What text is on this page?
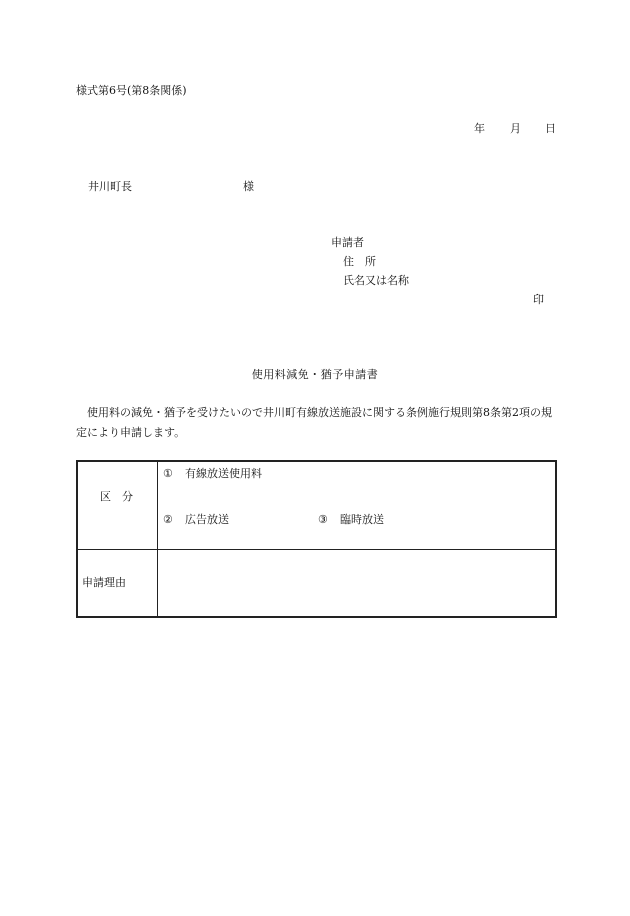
様式第6号(第8条関係)
年 月 日
井川町長	様
申請者
住　所
氏名又は名称
印
使用料減免・猶予申請書
使用料の減免・猶予を受けたいので井川町有線放送施設に関する条例施行規則第8条第2項の規定により申請します。
区　分
① 有線放送使用料
② 広告放送	③ 臨時放送
申請理由
